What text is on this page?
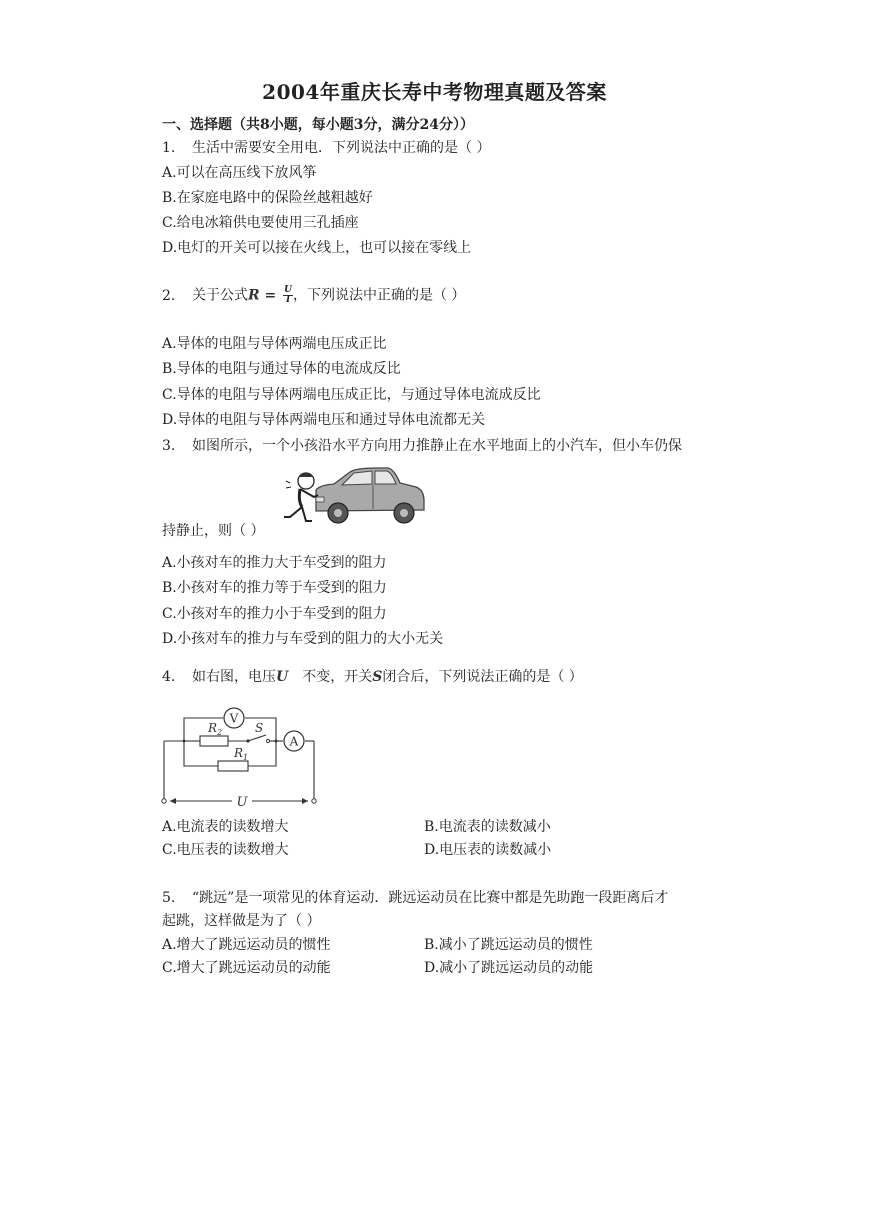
2004年重庆长寿中考物理真题及答案
一、选择题（共8小题，每小题3分，满分24分））
1. 生活中需要安全用电．下列说法中正确的是（ ）
A.可以在高压线下放风筝
B.在家庭电路中的保险丝越粗越好
C.给电冰箱供电要使用三孔插座
D.电灯的开关可以接在火线上，也可以接在零线上
2. 关于公式$R = \frac{U}{I}$ ，下列说法中正确的是（ ）
A.导体的电阻与导体两端电压成正比
B.导体的电阻与通过导体的电流成反比
C.导体的电阻与导体两端电压成正比，与通过导体电流成反比
D.导体的电阻与导体两端电压和通过导体电流都无关
3. 如图所示，一个小孩沿水平方向用力推静止在水平地面上的小汽车，但小车仍保
持静止，则（ ）
A.小孩对车的推力大于车受到的阻力
B.小孩对车的推力等于车受到的阻力
C.小孩对车的推力小于车受到的阻力
D.小孩对车的推力与车受到的阻力的大小无关
4. 如右图，电压U　不变，开关S闭合后，下列说法正确的是（ ）
V
A
$R_2$
$R_1$
S
U
A.电流表的读数增大	B.电流表的读数减小
C.电压表的读数增大	D.电压表的读数减小
5. “跳远”是一项常见的体育运动．跳远运动员在比赛中都是先助跑一段距离后才
起跳，这样做是为了（ ）
A.增大了跳远运动员的惯性	B.减小了跳远运动员的惯性
C.增大了跳远运动员的动能	D.减小了跳远运动员的动能
